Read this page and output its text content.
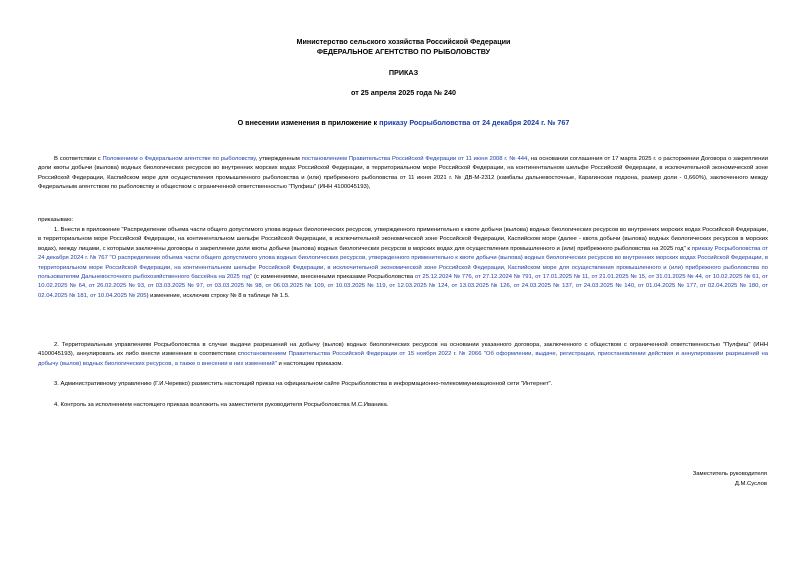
Министерство сельского хозяйства Российской Федерации
ФЕДЕРАЛЬНОЕ АГЕНТСТВО ПО РЫБОЛОВСТВУ
ПРИКАЗ
от 25 апреля 2025 года № 240
О внесении изменения в приложение к приказу Росрыболовства от 24 декабря 2024 г. № 767
В соответствии с Положением о Федеральном агентстве по рыболовству, утвержденным постановлением Правительства Российской Федерации от 11 июня 2008 г. № 444, на основании соглашения от 17 марта 2025 г. о расторжении Договора о закреплении доли квоты добычи (вылова) водных биологических ресурсов во внутренних морских водах Российской Федерации, в территориальном море Российской Федерации, на континентальном шельфе Российской Федерации, в исключительной экономической зоне Российской Федерации, Каспийском море для осуществления промышленного рыболовства и (или) прибрежного рыболовства от 11 июня 2021 г. № ДВ-М-2312 (камбалы дальневосточные, Карагинская подзона, размер доли - 0,660%), заключенного между Федеральным агентством по рыболовству и обществом с ограниченной ответственностью "Пулфиш" (ИНН 4100045193),
приказываю:
1. Внести в приложение "Распределение объема части общего допустимого улова водных биологических ресурсов, утвержденного применительно к квоте добычи (вылова) водных биологических ресурсов во внутренних морских водах Российской Федерации, в территориальном море Российской Федерации, на континентальном шельфе Российской Федерации, в исключительной экономической зоне Российской Федерации, Каспийском море (далее - квота добычи (вылова) водных биологических ресурсов в морских водах), между лицами, с которыми заключены договоры о закреплении доли квоты добычи (вылова) водных биологических ресурсов в морских водах для осуществления промышленного и (или) прибрежного рыболовства на 2025 год" к приказу Росрыболовства от 24 декабря 2024 г. № 767 "О распределении объема части общего допустимого улова водных биологических ресурсов, утвержденного применительно к квоте добычи (вылова) водных биологических ресурсов во внутренних морских водах Российской Федерации, в территориальном море Российской Федерации, на континентальном шельфе Российской Федерации, в исключительной экономической зоне Российской Федерации, Каспийском море для осуществления промышленного и (или) прибрежного рыболовства по пользователям Дальневосточного рыбохозяйственного бассейна на 2025 год" (с изменениями, внесенными приказами Росрыболовства от 25.12.2024 № 776, от 27.12.2024 № 791, от 17.01.2025 № 11, от 21.01.2025 № 15, от 31.01.2025 № 44, от 10.02.2025 № 61, от 10.02.2025 № 64, от 26.02.2025 № 93, от 03.03.2025 № 97, от 03.03.2025 № 98, от 06.03.2025 № 109, от 10.03.2025 № 119, от 12.03.2025 № 124, от 13.03.2025 № 126, от 24.03.2025 № 137, от 24.03.2025 № 140, от 01.04.2025 № 177, от 02.04.2025 № 180, от 02.04.2025 № 181, от 10.04.2025 № 205) изменение, исключив строку № 8 в таблице № 1.5.
2. Территориальным управлениям Росрыболовства в случае выдачи разрешений на добычу (вылов) водных биологических ресурсов на основании указанного договора, заключенного с обществом с ограниченной ответственностью "Пулфиш" (ИНН 4100045193), аннулировать их либо внести изменения в соответствии спостановлением Правительства Российской Федерации от 15 ноября 2022 г. № 2066 "Об оформлении, выдаче, регистрации, приостановлении действия и аннулировании разрешений на добычу (вылов) водных биологических ресурсов, а также о внесении в них изменений" и настоящим приказом.
3. Административному управлению (Г.И.Черевко) разместить настоящий приказ на официальном сайте Росрыболовства в информационно-телекоммуникационной сети "Интернет".
4. Контроль за исполнением настоящего приказа возложить на заместителя руководителя Росрыболовства М.С.Иваника.
Заместитель руководителя
Д.М.Суслов
